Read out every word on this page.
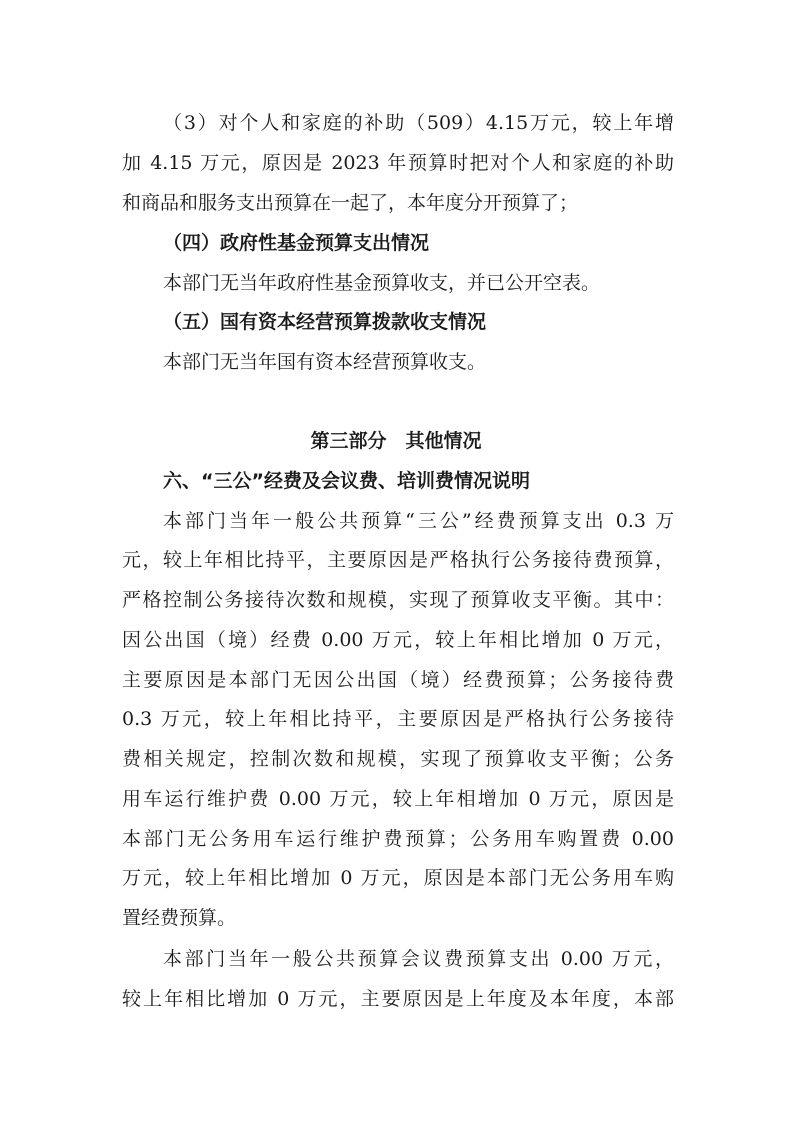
（3）对个人和家庭的补助（509）4.15万元，较上年增
加 4.15 万元，原因是 2023 年预算时把对个人和家庭的补助
和商品和服务支出预算在一起了，本年度分开预算了；
（四）政府性基金预算支出情况
本部门无当年政府性基金预算收支，并已公开空表。
（五）国有资本经营预算拨款收支情况
本部门无当年国有资本经营预算收支。
第三部分　其他情况
六、“三公”经费及会议费、培训费情况说明
本部门当年一般公共预算“三公”经费预算支出 0.3 万
元，较上年相比持平，主要原因是严格执行公务接待费预算，
严格控制公务接待次数和规模，实现了预算收支平衡。其中：
因公出国（境）经费 0.00 万元，较上年相比增加 0 万元，
主要原因是本部门无因公出国（境）经费预算；公务接待费
0.3 万元，较上年相比持平，主要原因是严格执行公务接待
费相关规定，控制次数和规模，实现了预算收支平衡；公务
用车运行维护费 0.00 万元，较上年相增加 0 万元，原因是
本部门无公务用车运行维护费预算；公务用车购置费 0.00
万元，较上年相比增加 0 万元，原因是本部门无公务用车购
置经费预算。
本部门当年一般公共预算会议费预算支出 0.00 万元，
较上年相比增加 0 万元，主要原因是上年度及本年度，本部
